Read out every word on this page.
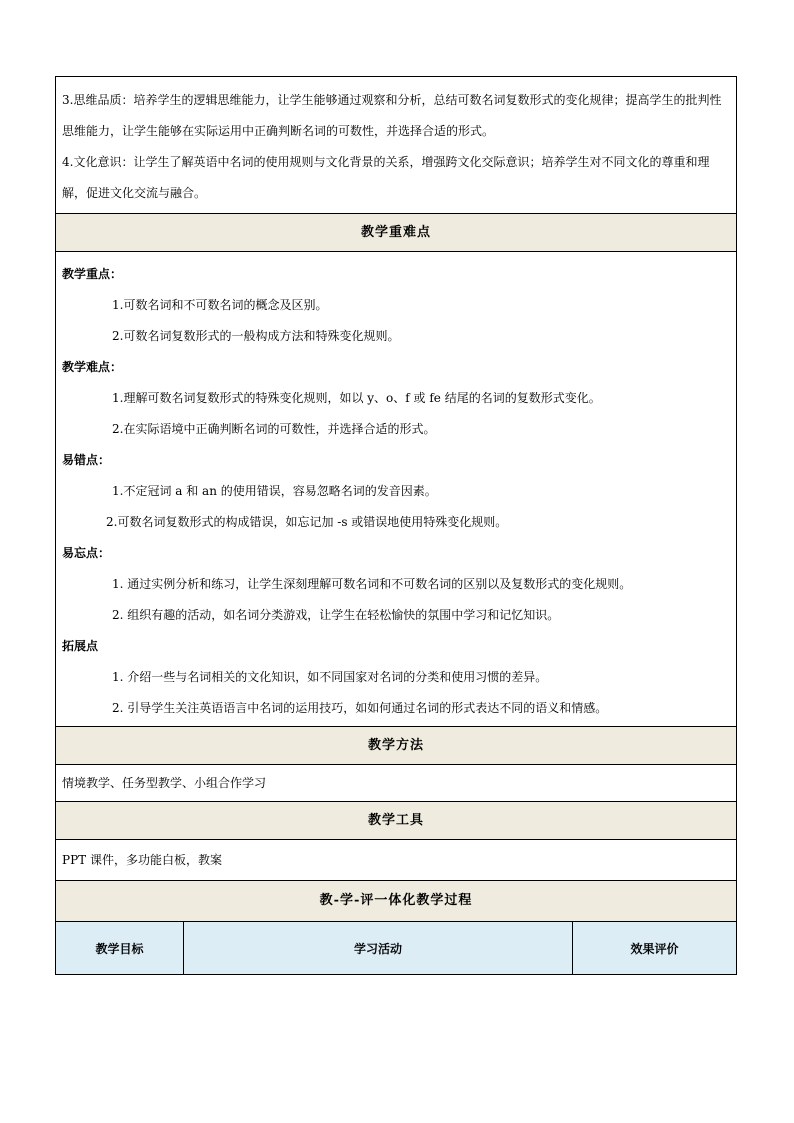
3.思维品质：培养学生的逻辑思维能力，让学生能够通过观察和分析，总结可数名词复数形式的变化规律；提高学生的批判性思维能力，让学生能够在实际运用中正确判断名词的可数性，并选择合适的形式。

4.文化意识：让学生了解英语中名词的使用规则与文化背景的关系，增强跨文化交际意识；培养学生对不同文化的尊重和理解，促进文化交流与融合。

教学重难点
教学重点：
1.可数名词和不可数名词的概念及区别。
2.可数名词复数形式的一般构成方法和特殊变化规则。
教学难点：
1.理解可数名词复数形式的特殊变化规则，如以 y、o、f 或 fe 结尾的名词的复数形式变化。
2.在实际语境中正确判断名词的可数性，并选择合适的形式。
易错点：
1.不定冠词 a 和 an 的使用错误，容易忽略名词的发音因素。
2.可数名词复数形式的构成错误，如忘记加 -s 或错误地使用特殊变化规则。
易忘点：
1. 通过实例分析和练习，让学生深刻理解可数名词和不可数名词的区别以及复数形式的变化规则。
2. 组织有趣的活动，如名词分类游戏，让学生在轻松愉快的氛围中学习和记忆知识。
拓展点
1. 介绍一些与名词相关的文化知识，如不同国家对名词的分类和使用习惯的差异。
2. 引导学生关注英语语言中名词的运用技巧，如如何通过名词的形式表达不同的语义和情感。
教学方法
情境教学、任务型教学、小组合作学习
教学工具
PPT 课件，多功能白板，教案
教-学-评一体化教学过程
教学目标	学习活动	效果评价
